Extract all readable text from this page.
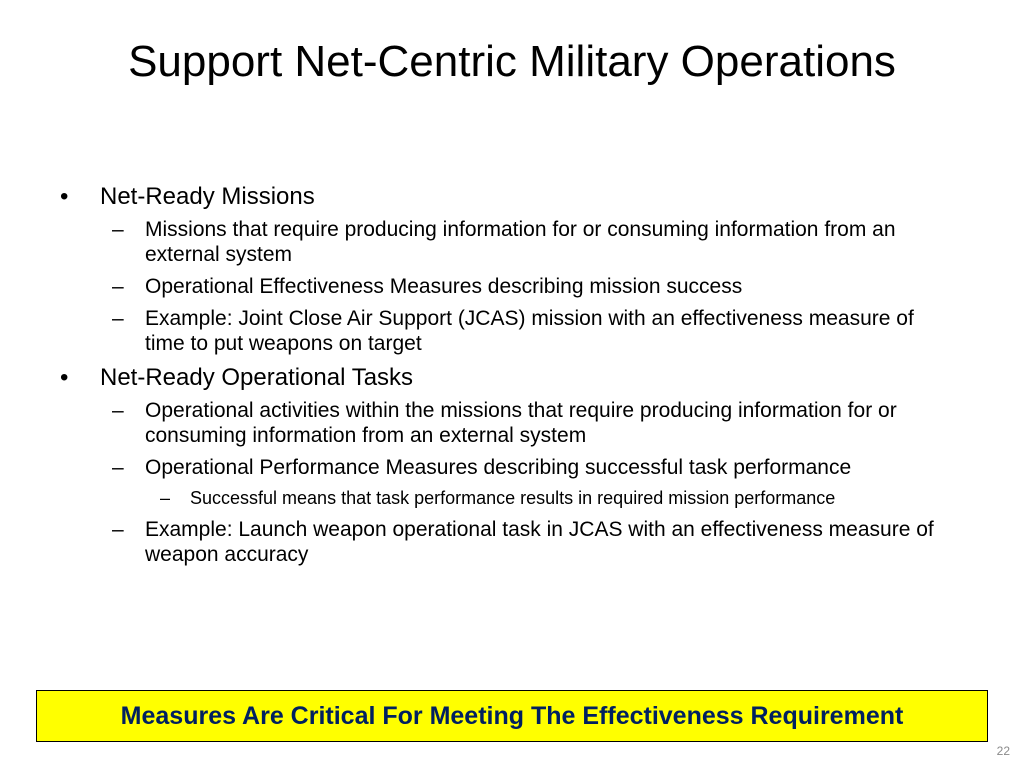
Support Net-Centric Military Operations
•	Net-Ready Missions
– Missions that require producing information for or consuming information from an external system
– Operational Effectiveness Measures describing mission success
– Example: Joint Close Air Support (JCAS) mission with an effectiveness measure of time to put weapons on target
•	Net-Ready Operational Tasks
– Operational activities within the missions that require producing information for or consuming information from an external system
– Operational Performance Measures describing successful task performance
– Successful means that task performance results in required mission performance
– Example: Launch weapon operational task in JCAS with an effectiveness measure of weapon accuracy
Measures Are Critical For Meeting The Effectiveness Requirement
22
